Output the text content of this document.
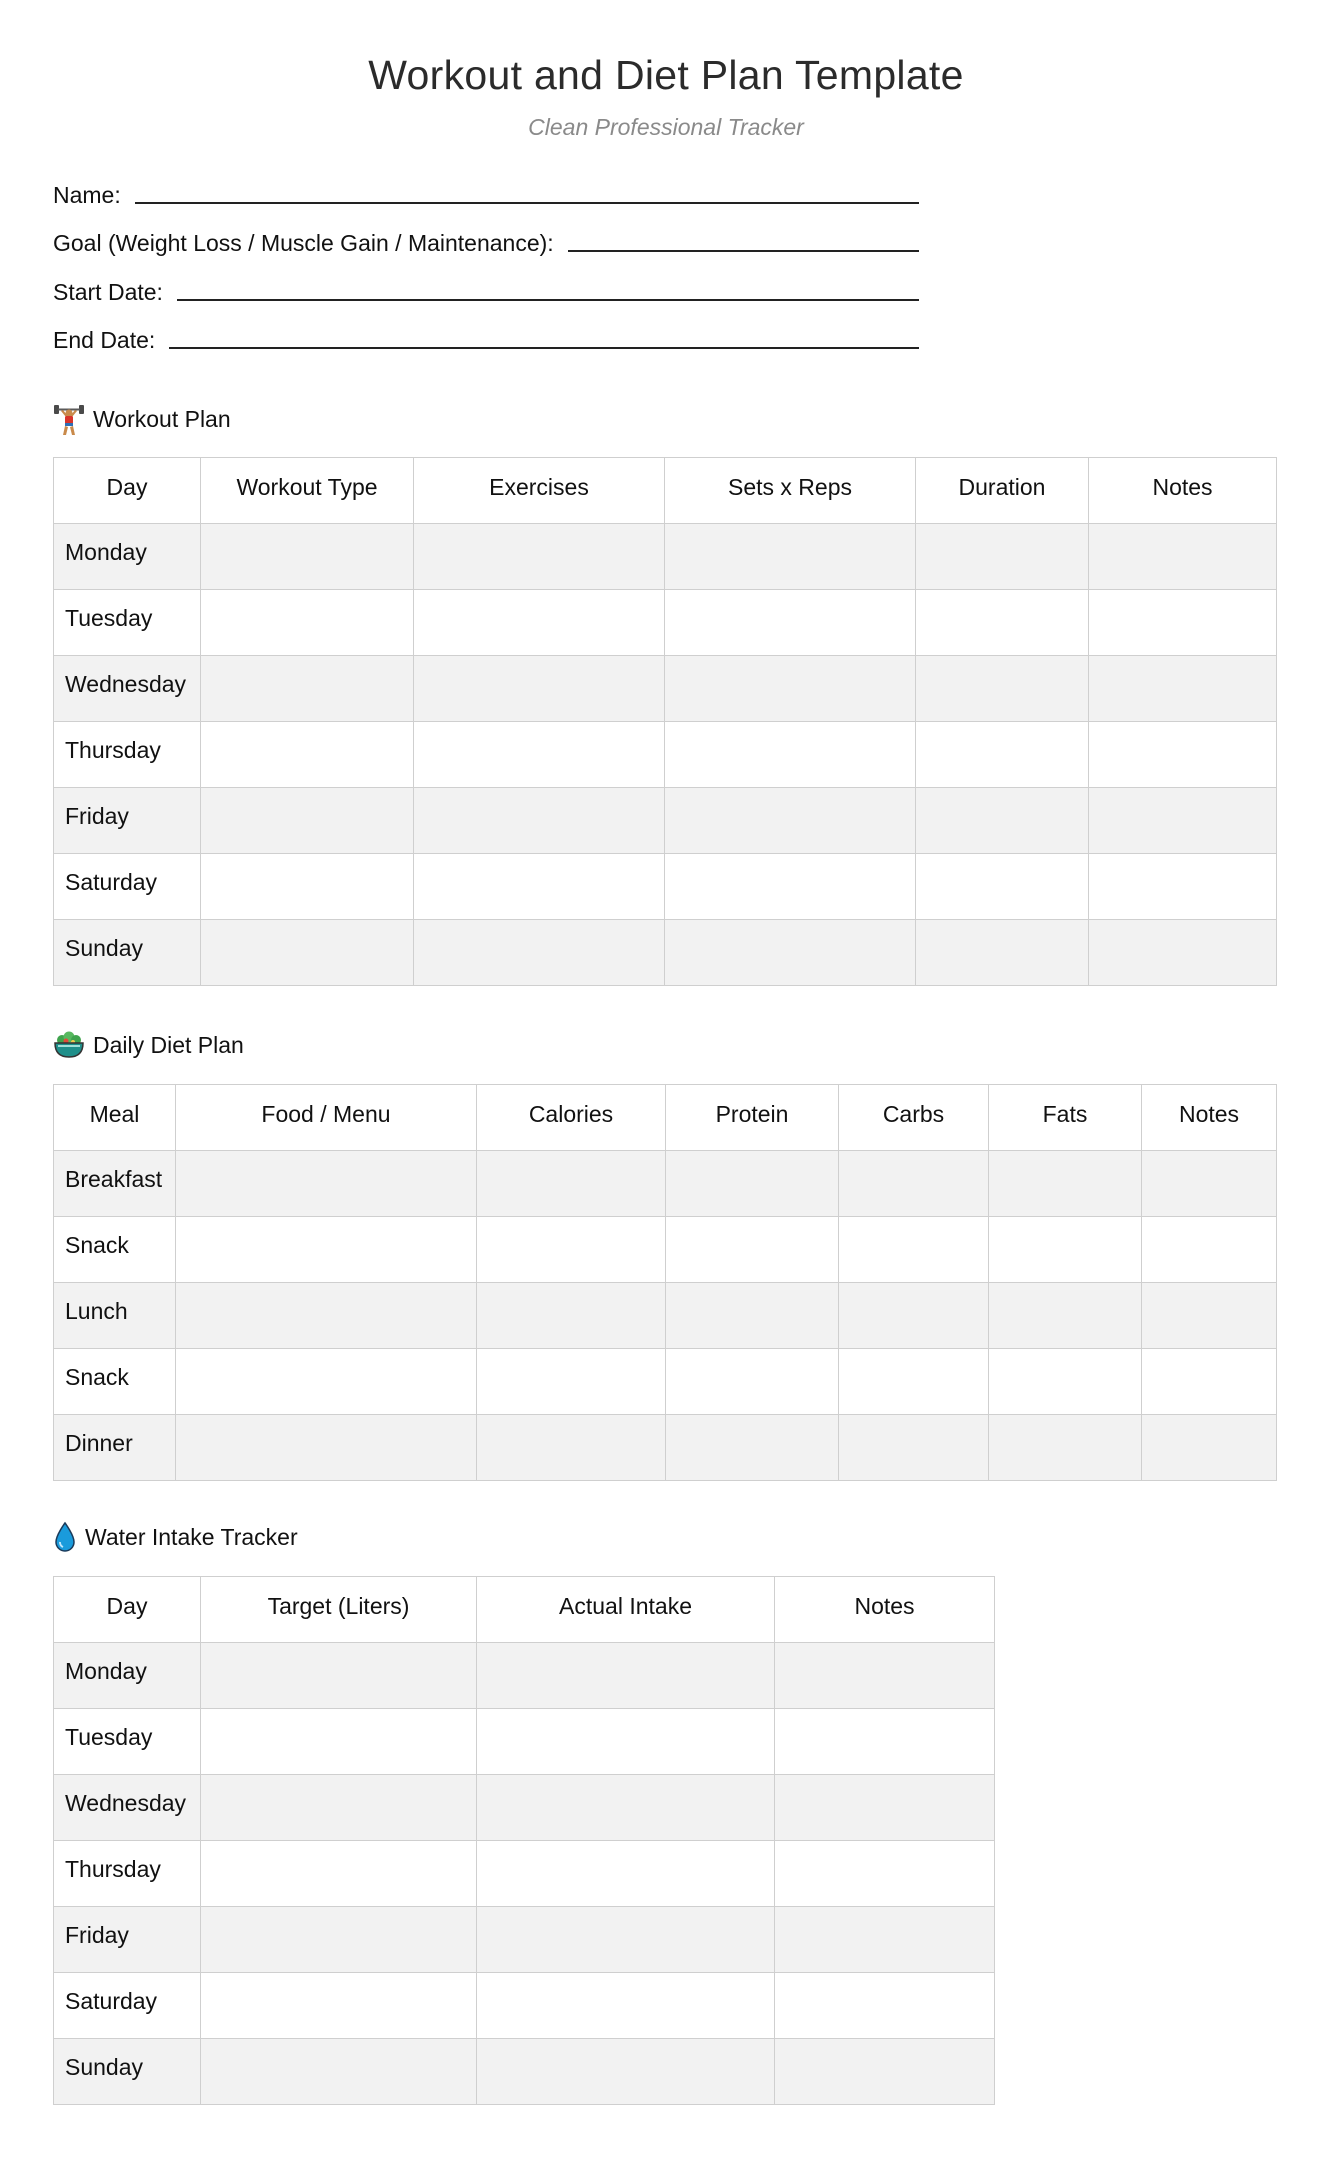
Workout and Diet Plan Template
Clean Professional Tracker
Name:
Goal (Weight Loss / Muscle Gain / Maintenance):
Start Date:
End Date:
Workout Plan
Day	Workout Type	Exercises	Sets x Reps	Duration	Notes
Monday					
Tuesday					
Wednesday					
Thursday					
Friday					
Saturday					
Sunday					
Daily Diet Plan
Meal	Food / Menu	Calories	Protein	Carbs	Fats	Notes
Breakfast						
Snack						
Lunch						
Snack						
Dinner						
Water Intake Tracker
Day	Target (Liters)	Actual Intake	Notes
Monday			
Tuesday			
Wednesday			
Thursday			
Friday			
Saturday			
Sunday			
